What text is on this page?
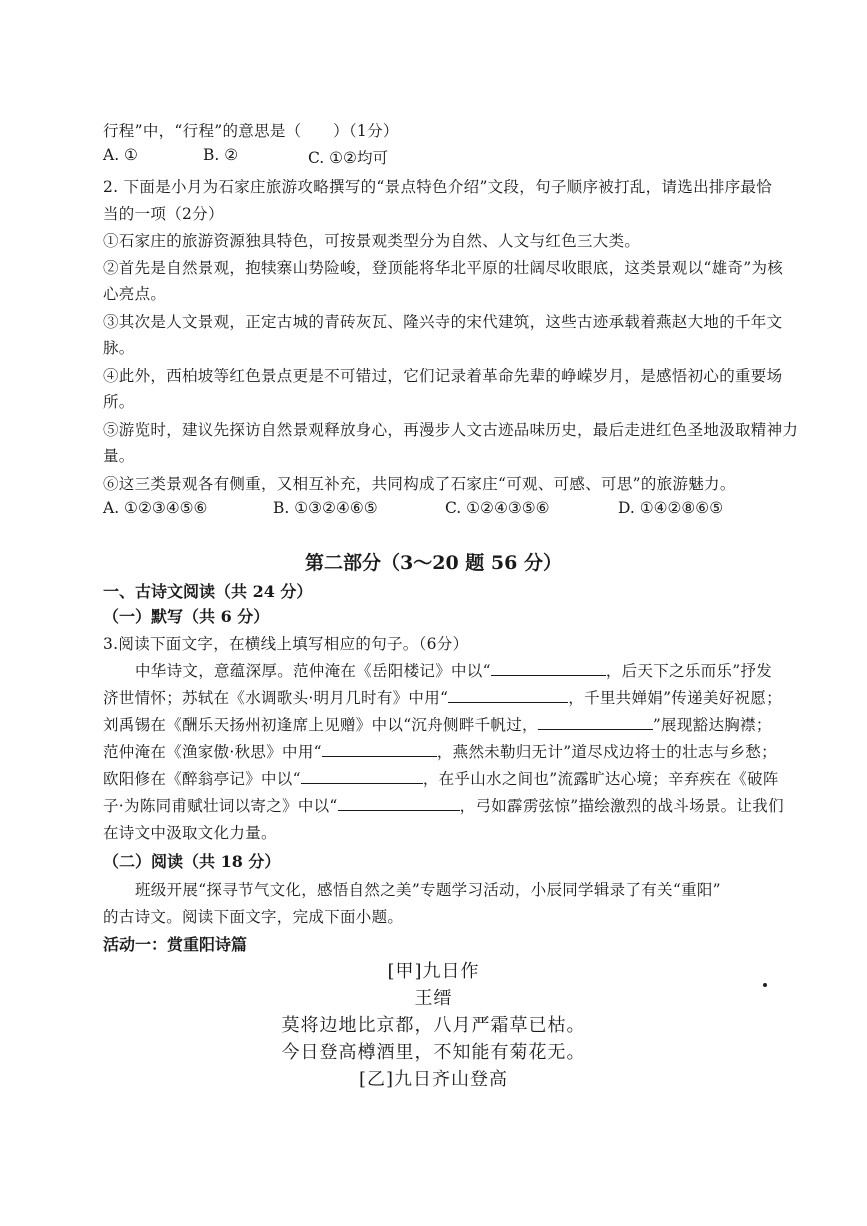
行程”中，“行程”的意思是（　　）（1分）
A. ①	B. ②	C. ①②均可
2. 下面是小月为石家庄旅游攻略撰写的“景点特色介绍”文段，句子顺序被打乱，请选出排序最恰
当的一项（2分）
①石家庄的旅游资源独具特色，可按景观类型分为自然、人文与红色三大类。
②首先是自然景观，抱犊寨山势险峻，登顶能将华北平原的壮阔尽收眼底，这类景观以“雄奇”为核
心亮点。
③其次是人文景观，正定古城的青砖灰瓦、隆兴寺的宋代建筑，这些古迹承载着燕赵大地的千年文
脉。
④此外，西柏坡等红色景点更是不可错过，它们记录着革命先辈的峥嵘岁月，是感悟初心的重要场
所。
⑤游览时，建议先探访自然景观释放身心，再漫步人文古迹品味历史，最后走进红色圣地汲取精神力
量。
⑥这三类景观各有侧重，又相互补充，共同构成了石家庄“可观、可感、可思”的旅游魅力。
A. ①②③④⑤⑥	B. ①③②④⑥⑤	C. ①②④③⑤⑥	D. ①④②⑧⑥⑤
第二部分（3～20 题 56 分）
一、古诗文阅读（共 24 分）
（一）默写（共 6 分）
3.阅读下面文字，在横线上填写相应的句子。（6分）
中华诗文，意蕴深厚。范仲淹在《岳阳楼记》中以“	，后天下之乐而乐”抒发
济世情怀；苏轼在《水调歌头·明月几时有》中用“	，千里共婵娟”传递美好祝愿；
刘禹锡在《酬乐天扬州初逢席上见赠》中以“沉舟侧畔千帆过，	”展现豁达胸襟；
范仲淹在《渔家傲·秋思》中用“	，燕然未勒归无计”道尽戍边将士的壮志与乡愁；
欧阳修在《醉翁亭记》中以“	，在乎山水之间也”流露旷达心境；辛弃疾在《破阵
子·为陈同甫赋壮词以寄之》中以“	，弓如霹雳弦惊”描绘激烈的战斗场景。让我们
在诗文中汲取文化力量。
（二）阅读（共 18 分）
班级开展“探寻节气文化，感悟自然之美”专题学习活动，小辰同学辑录了有关“重阳”
的古诗文。阅读下面文字，完成下面小题。
活动一：赏重阳诗篇
[甲]九日作
王缙
莫将边地比京都，八月严霜草已枯。
今日登高樽酒里，不知能有菊花无。
[乙]九日齐山登高
